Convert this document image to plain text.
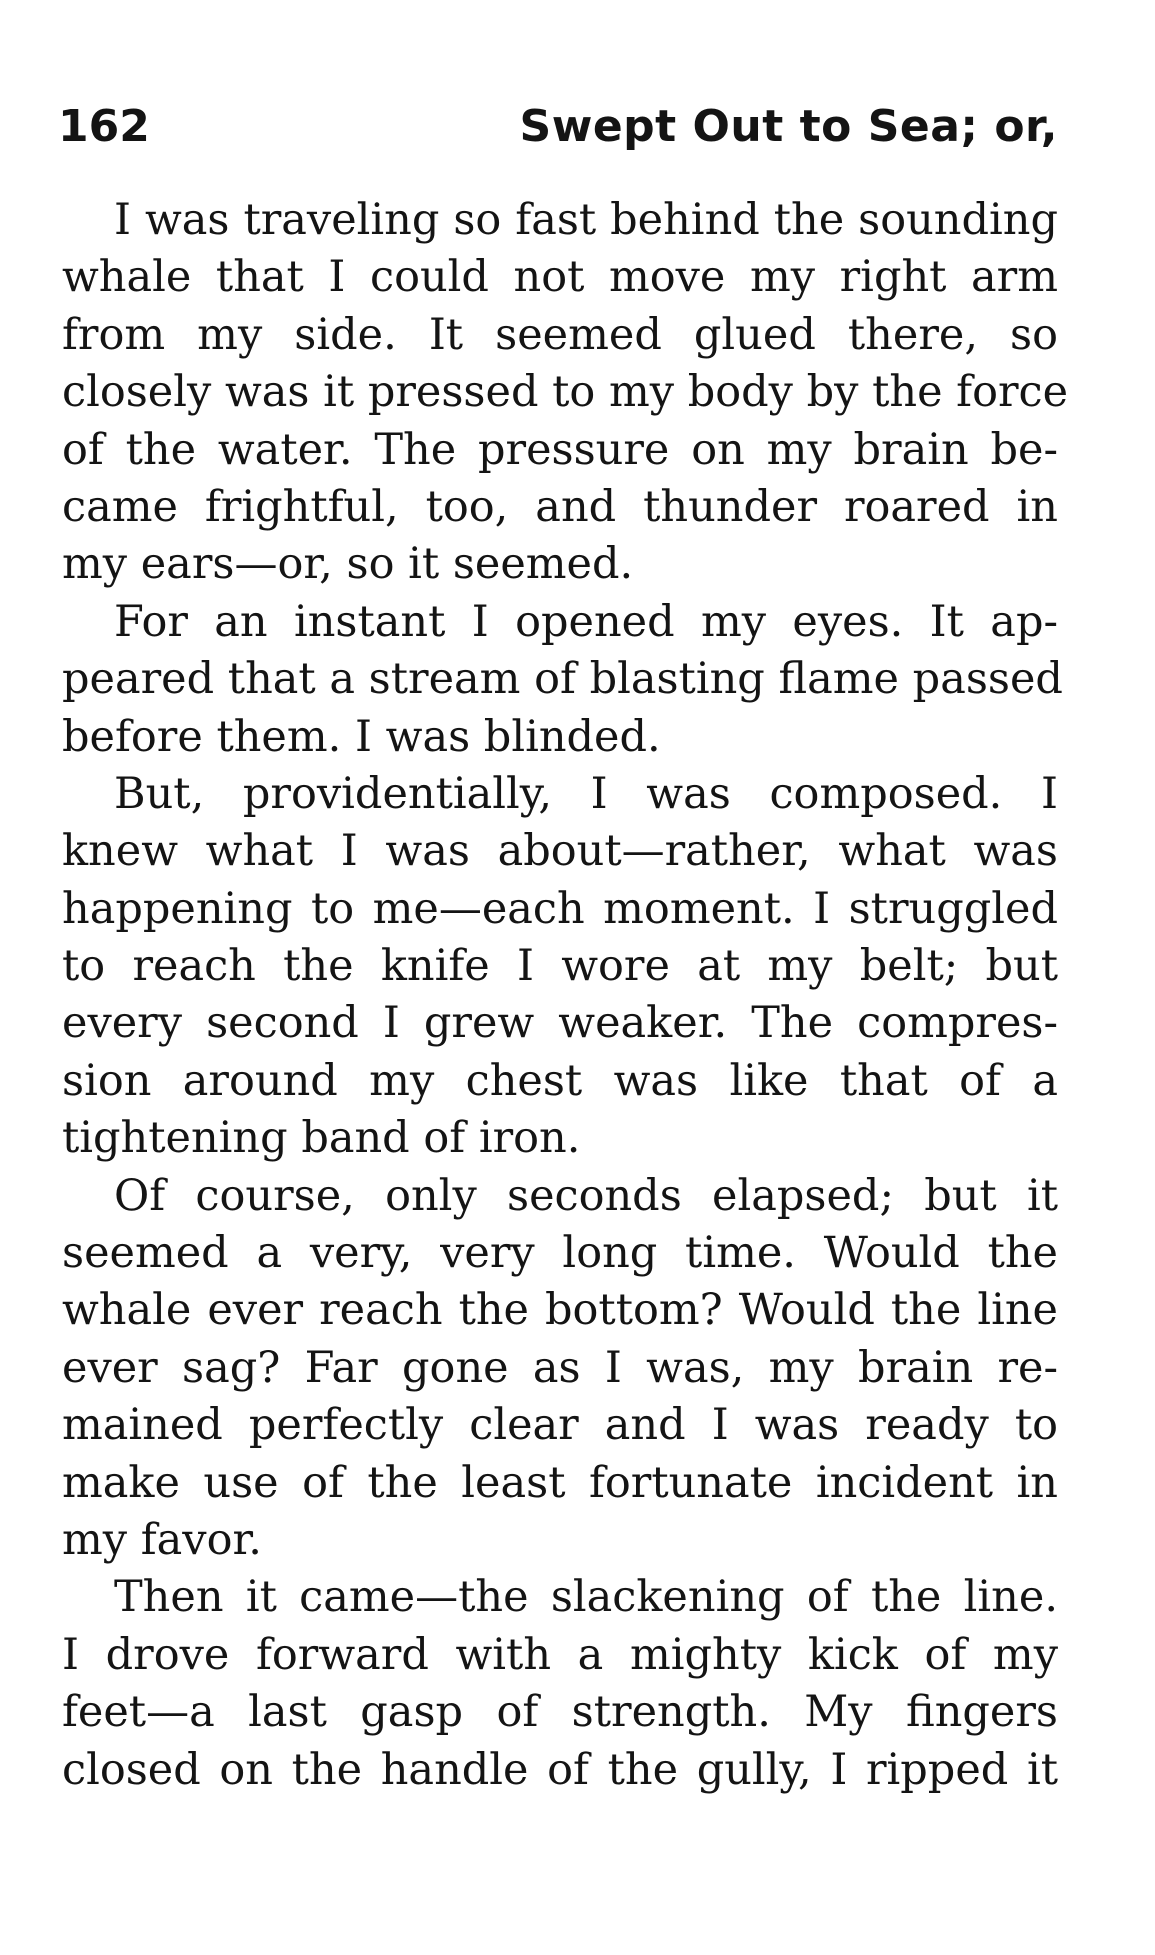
162	Swept Out to Sea; or,
I was traveling so fast behind the sounding
whale that I could not move my right arm
from my side. It seemed glued there, so
closely was it pressed to my body by the force
of the water. The pressure on my brain be-
came frightful, too, and thunder roared in
my ears—or, so it seemed.
For an instant I opened my eyes. It ap-
peared that a stream of blasting flame passed
before them. I was blinded.
But, providentially, I was composed. I
knew what I was about—rather, what was
happening to me—each moment. I struggled
to reach the knife I wore at my belt; but
every second I grew weaker. The compres-
sion around my chest was like that of a
tightening band of iron.
Of course, only seconds elapsed; but it
seemed a very, very long time. Would the
whale ever reach the bottom? Would the line
ever sag? Far gone as I was, my brain re-
mained perfectly clear and I was ready to
make use of the least fortunate incident in
my favor.
Then it came—the slackening of the line.
I drove forward with a mighty kick of my
feet—a last gasp of strength. My fingers
closed on the handle of the gully, I ripped it
